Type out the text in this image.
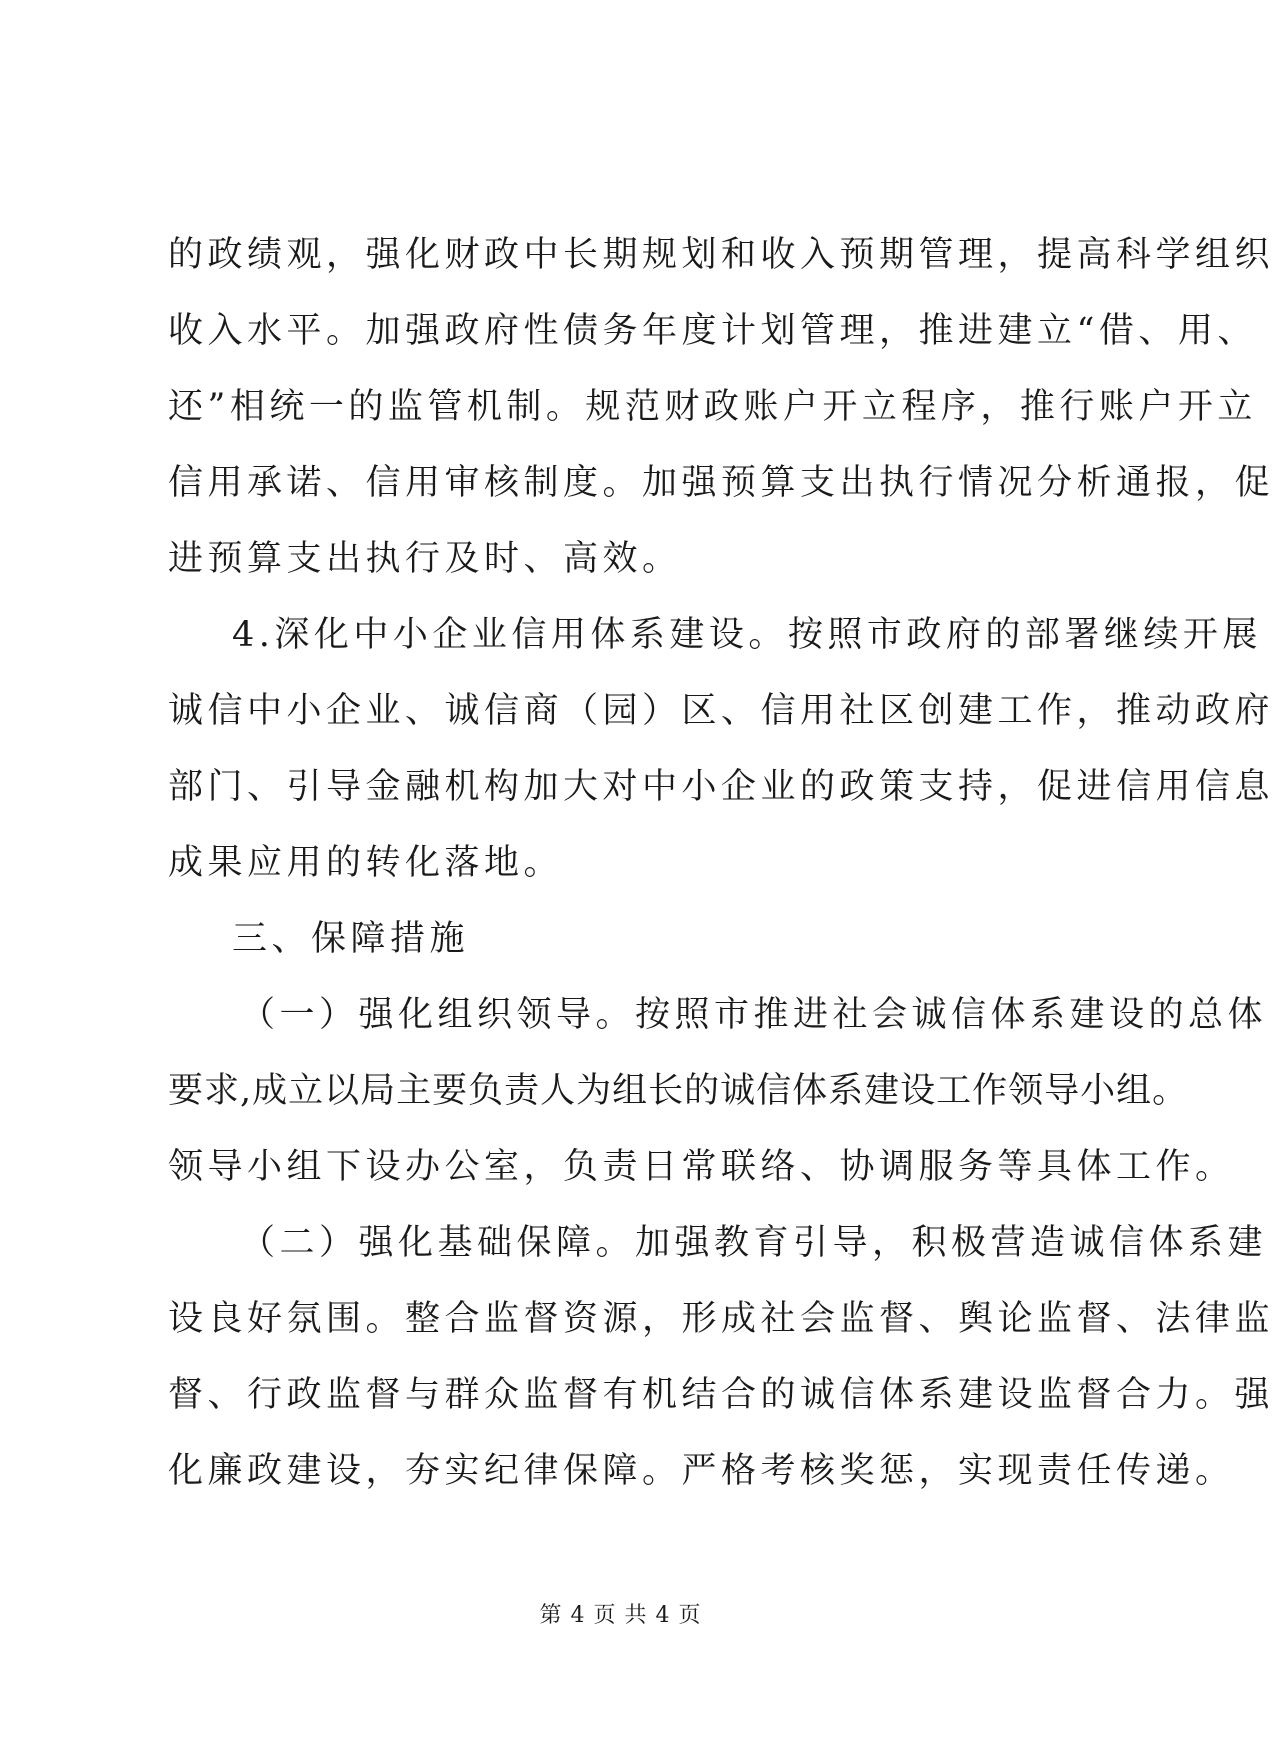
的政绩观，强化财政中长期规划和收入预期管理，提高科学组织
收入水平。加强政府性债务年度计划管理，推进建立“借、用、
还”相统一的监管机制。规范财政账户开立程序，推行账户开立
信用承诺、信用审核制度。加强预算支出执行情况分析通报，促
进预算支出执行及时、高效。
4.深化中小企业信用体系建设。按照市政府的部署继续开展
诚信中小企业、诚信商（园）区、信用社区创建工作，推动政府
部门、引导金融机构加大对中小企业的政策支持，促进信用信息
成果应用的转化落地。
三、保障措施
（一）强化组织领导。按照市推进社会诚信体系建设的总体
要求,成立以局主要负责人为组长的诚信体系建设工作领导小组。
领导小组下设办公室，负责日常联络、协调服务等具体工作。
（二）强化基础保障。加强教育引导，积极营造诚信体系建
设良好氛围。整合监督资源，形成社会监督、舆论监督、法律监
督、行政监督与群众监督有机结合的诚信体系建设监督合力。强
化廉政建设，夯实纪律保障。严格考核奖惩，实现责任传递。
第 4 页 共 4 页
